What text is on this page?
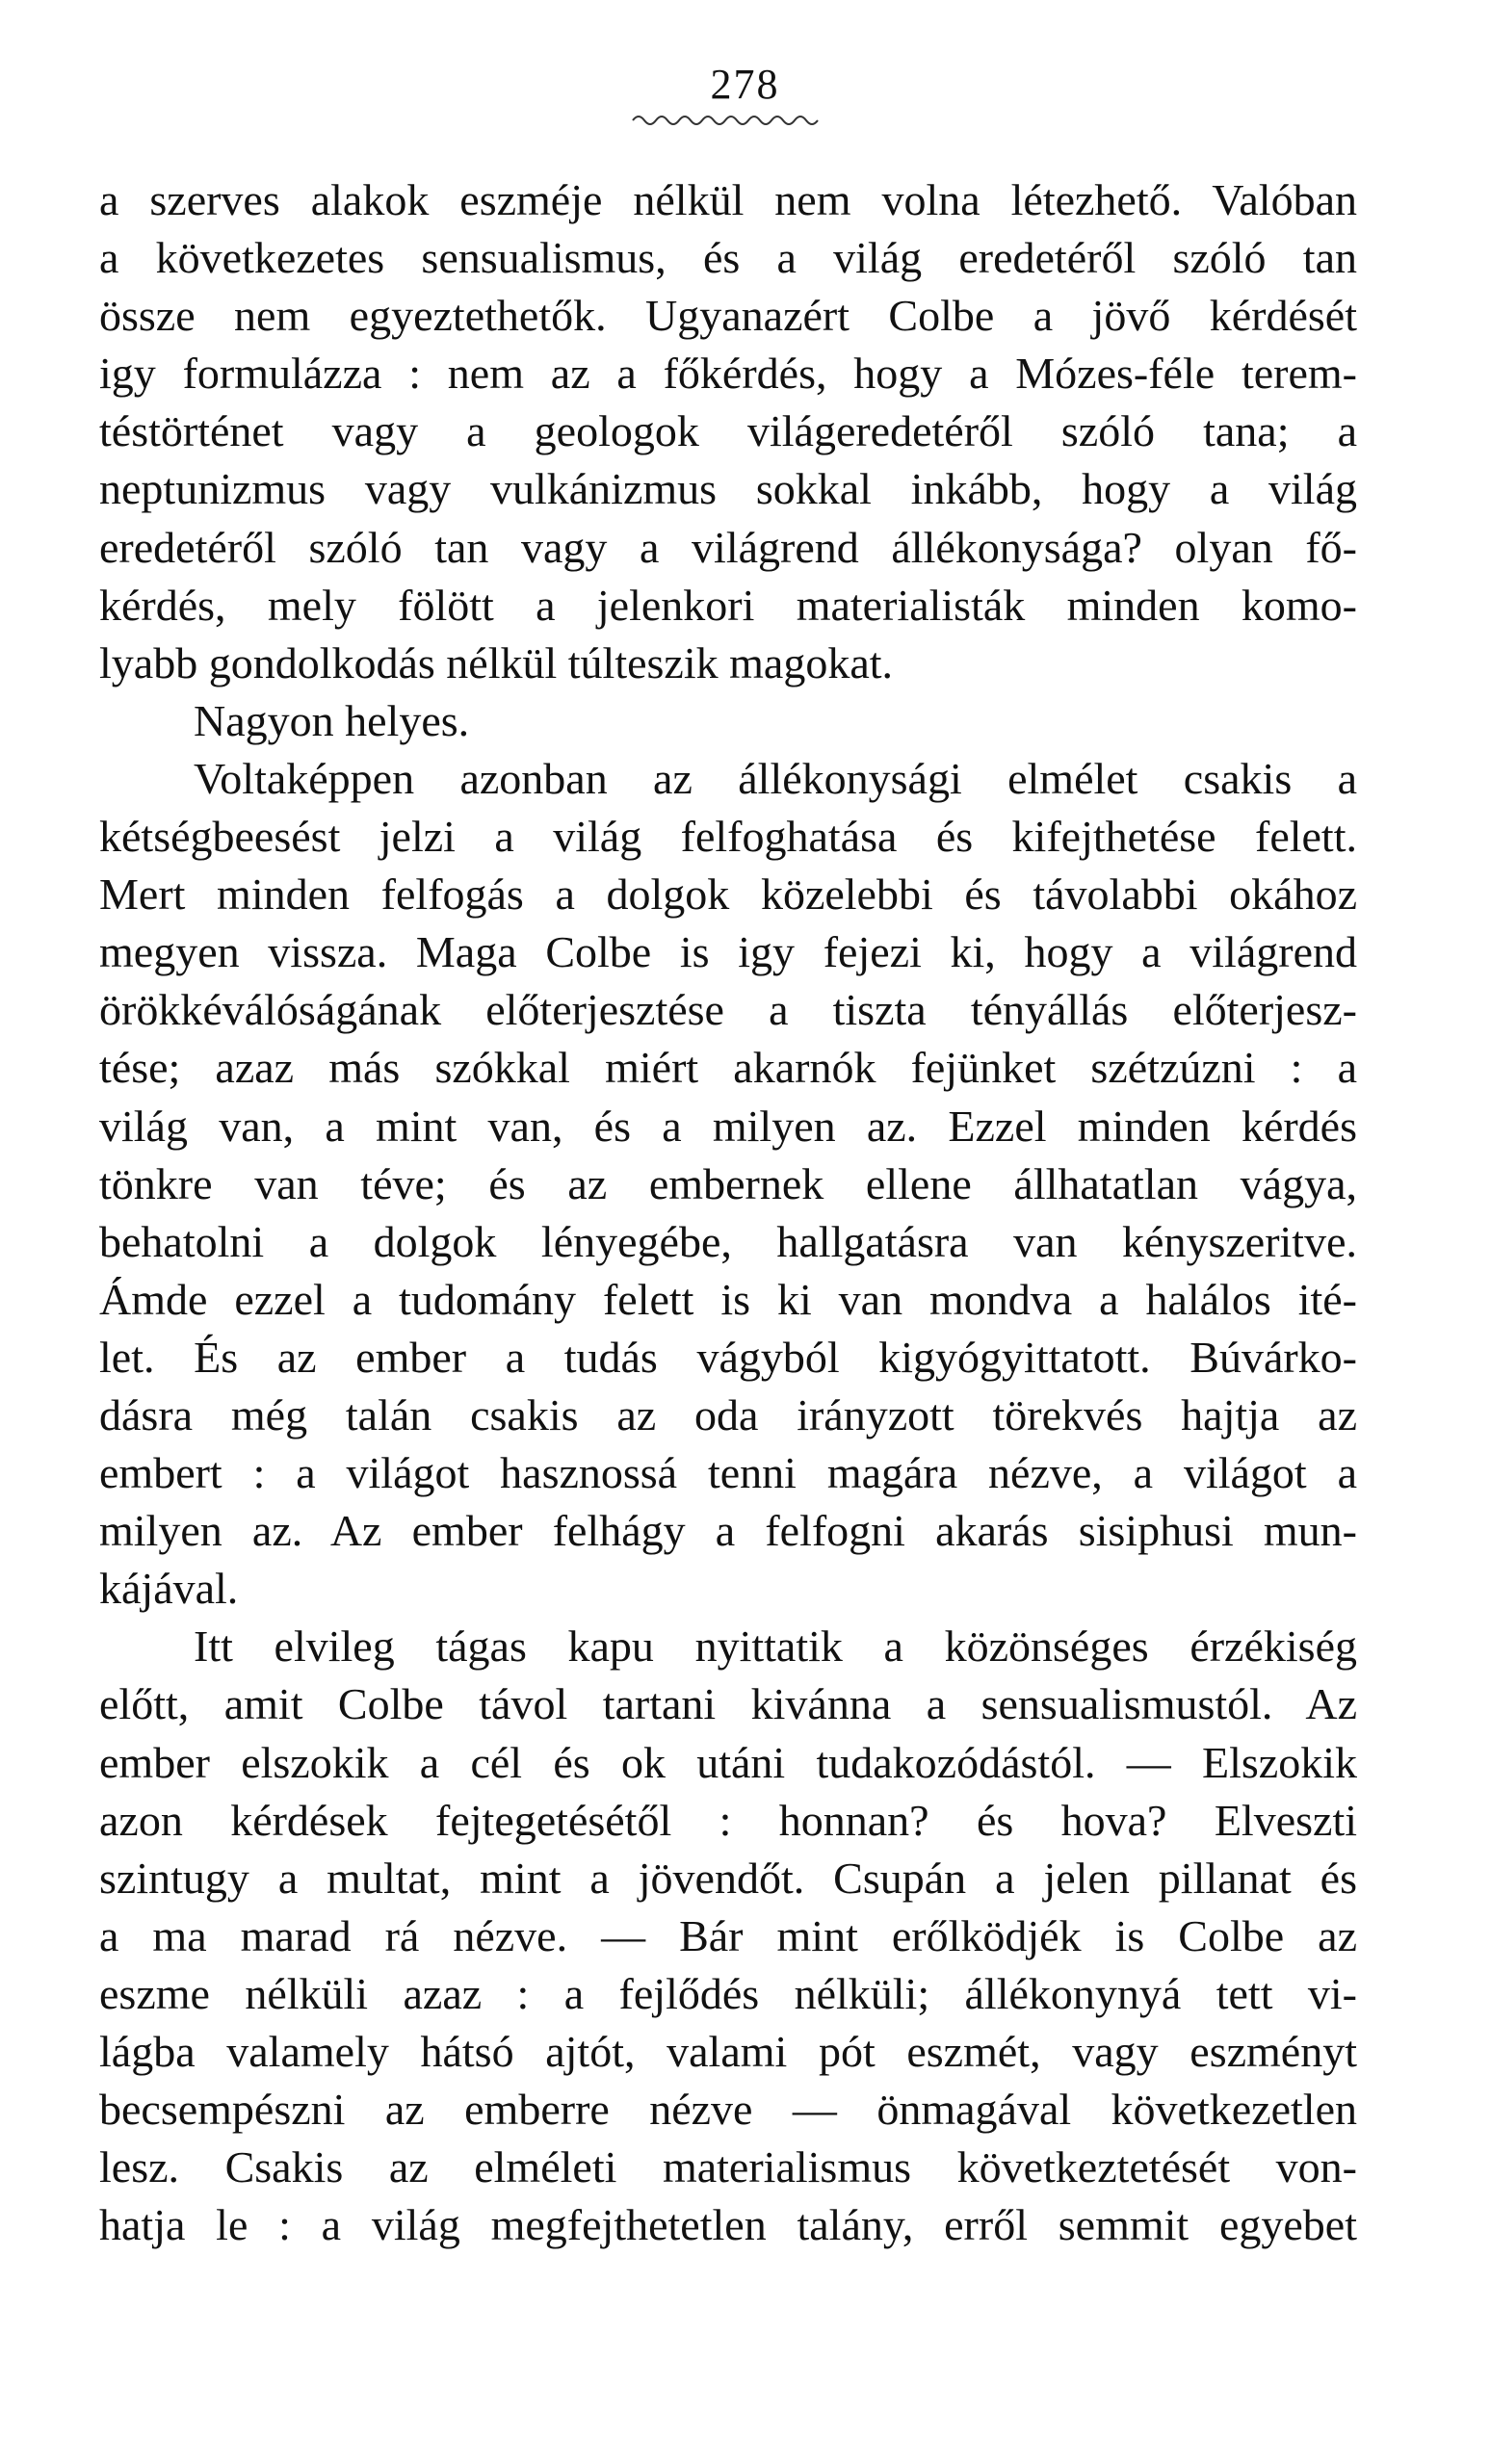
278
a szerves alakok eszméje nélkül nem volna létezhető. Valóban
a következetes sensualismus, és a világ eredetéről szóló tan
össze nem egyeztethetők. Ugyanazért Colbe a jövő kérdését
igy formulázza : nem az a főkérdés, hogy a Mózes-féle terem-
téstörténet vagy a geologok világeredetéről szóló tana; a
neptunizmus vagy vulkánizmus sokkal inkább, hogy a világ
eredetéről szóló tan vagy a világrend állékonysága? olyan fő-
kérdés, mely fölött a jelenkori materialisták minden komo-
lyabb gondolkodás nélkül túlteszik magokat.
Nagyon helyes.
Voltaképpen azonban az állékonysági elmélet csakis a
kétségbeesést jelzi a világ felfoghatása és kifejthetése felett.
Mert minden felfogás a dolgok közelebbi és távolabbi okához
megyen vissza. Maga Colbe is igy fejezi ki, hogy a világrend
örökkéválóságának előterjesztése a tiszta tényállás előterjesz-
tése; azaz más szókkal miért akarnók fejünket szétzúzni : a
világ van, a mint van, és a milyen az. Ezzel minden kérdés
tönkre van téve; és az embernek ellene állhatatlan vágya,
behatolni a dolgok lényegébe, hallgatásra van kényszeritve.
Ámde ezzel a tudomány felett is ki van mondva a halálos ité-
let. És az ember a tudás vágyból kigyógyittatott. Búvárko-
dásra még talán csakis az oda irányzott törekvés hajtja az
embert : a világot hasznossá tenni magára nézve, a világot a
milyen az. Az ember felhágy a felfogni akarás sisiphusi mun-
kájával.
Itt elvileg tágas kapu nyittatik a közönséges érzékiség
előtt, amit Colbe távol tartani kivánna a sensualismustól. Az
ember elszokik a cél és ok utáni tudakozódástól. — Elszokik
azon kérdések fejtegetésétől : honnan? és hova? Elveszti
szintugy a multat, mint a jövendőt. Csupán a jelen pillanat és
a ma marad rá nézve. — Bár mint erőlködjék is Colbe az
eszme nélküli azaz : a fejlődés nélküli; állékonynyá tett vi-
lágba valamely hátsó ajtót, valami pót eszmét, vagy eszményt
becsempészni az emberre nézve — önmagával következetlen
lesz. Csakis az elméleti materialismus következtetését von-
hatja le : a világ megfejthetetlen talány, erről semmit egyebet
